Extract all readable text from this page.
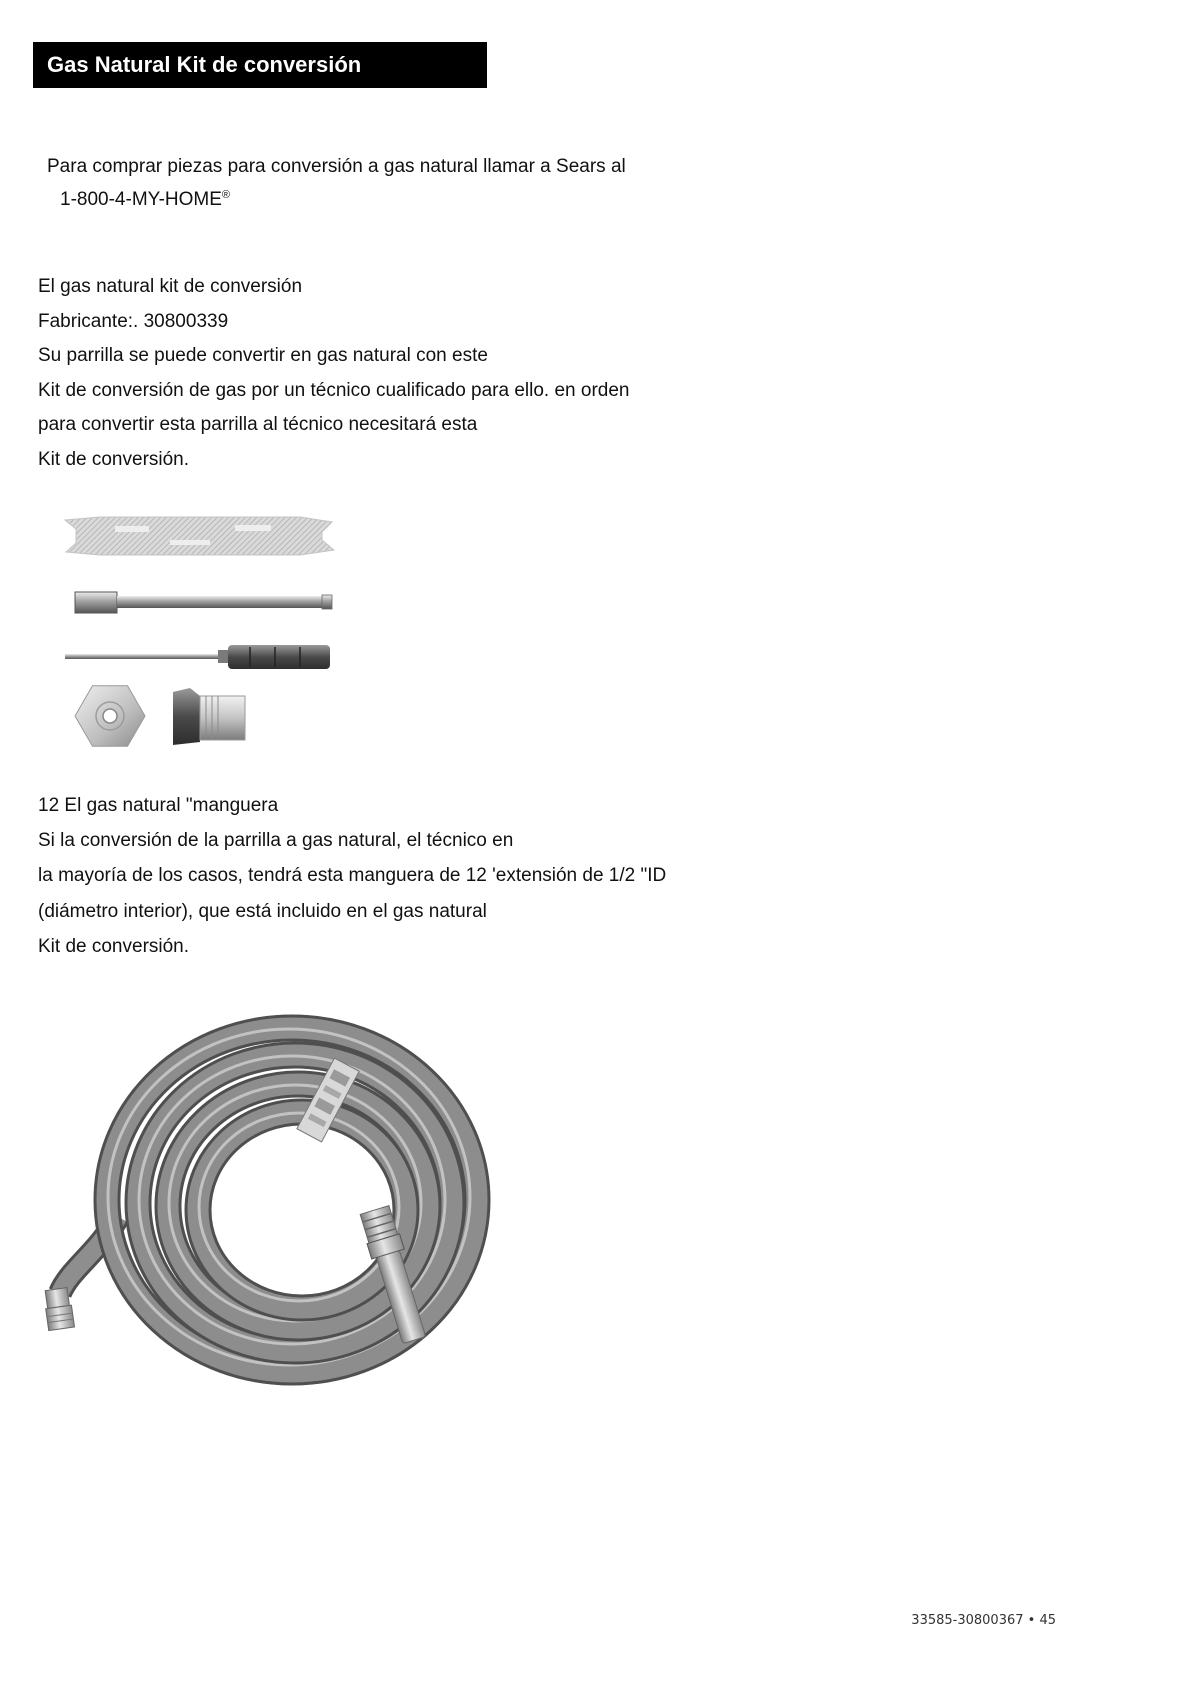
Gas Natural Kit de conversión
Para comprar piezas para conversión a gas natural llamar a Sears al
1-800-4-MY-HOME®
El gas natural kit de conversión
Fabricante:. 30800339
Su parrilla se puede convertir en gas natural con este
Kit de conversión de gas por un técnico cualificado para ello. en orden
para convertir esta parrilla al técnico necesitará esta
Kit de conversión.
12 El gas natural "manguera
Si la conversión de la parrilla a gas natural, el técnico en
la mayoría de los casos, tendrá esta manguera de 12 'extensión de 1/2 "ID
(diámetro interior), que está incluido en el gas natural
Kit de conversión.
33585-30800367 • 45
